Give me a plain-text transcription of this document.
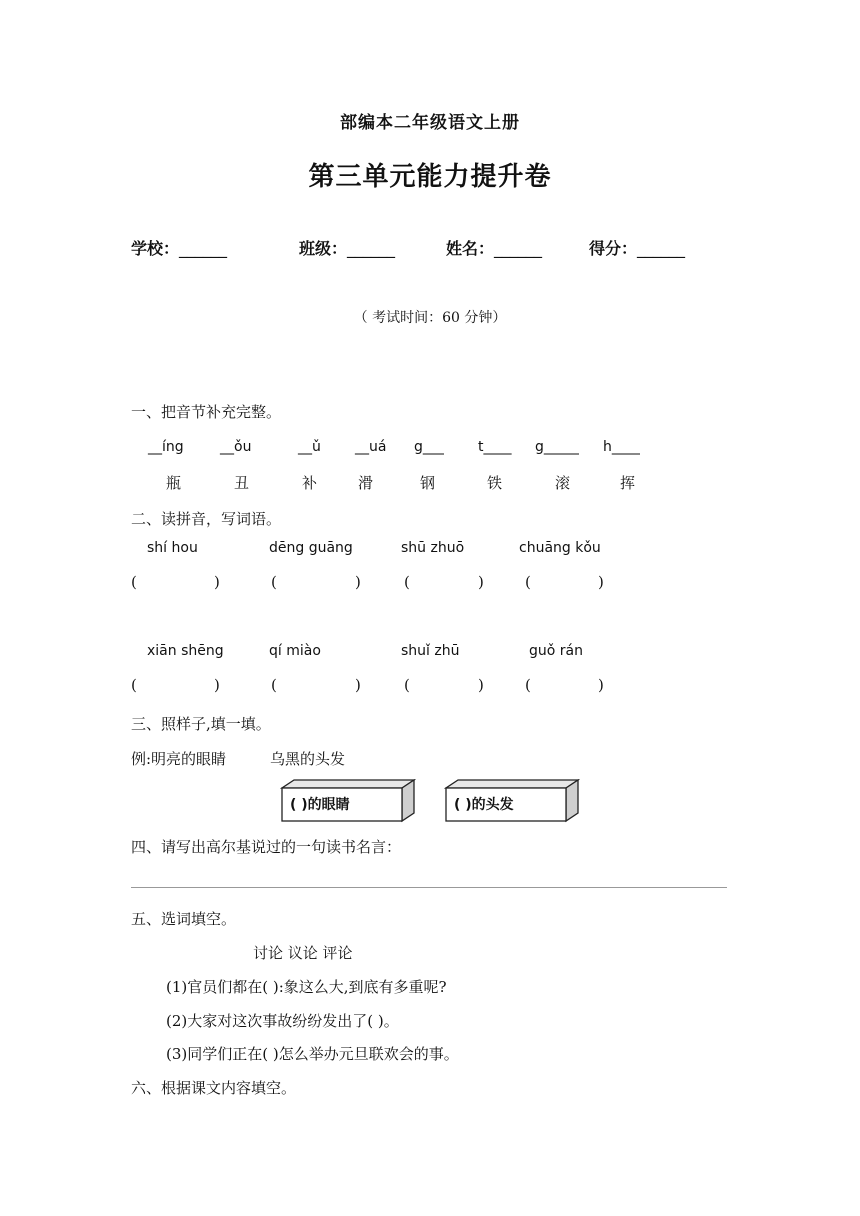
部编本二年级语文上册
第三单元能力提升卷
学校：______	班级：______	姓名：______	得分：______
（ 考试时间：60 分钟）
一、把音节补充完整。
__íng	__ǒu	__ǔ __uá g___ t____ g_____ h____
瓶	丑	补	滑	钢	铁	滚	挥
二、读拼音，写词语。
shí hou	dēng guāng	shū zhuō	chuāng kǒu
(	)	(	)	(	)	(	)
xiān shēng	qí miào	shuǐ zhū	guǒ rán
(	)	(	)	(	)	(	)
三、照样子,填一填。
例:明亮的眼睛	乌黑的头发
( )的眼睛	( )的头发
四、请写出高尔基说过的一句读书名言：
五、选词填空。
讨论 议论 评论
(1)官员们都在( ):象这么大,到底有多重呢?
(2)大家对这次事故纷纷发出了( )。
(3)同学们正在( )怎么举办元旦联欢会的事。
六、根据课文内容填空。
